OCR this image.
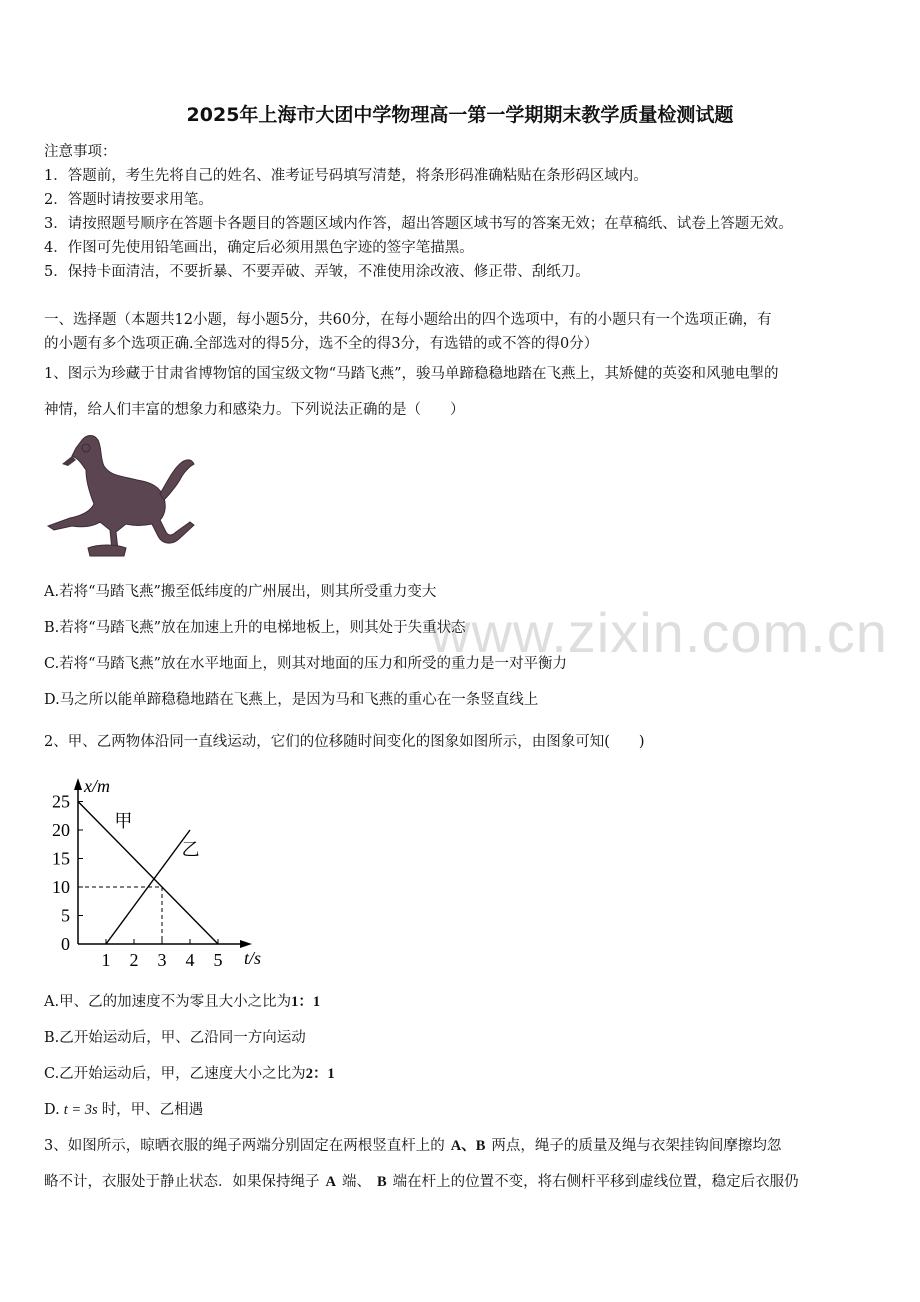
2025年上海市大团中学物理高一第一学期期末教学质量检测试题
注意事项：
1．答题前，考生先将自己的姓名、准考证号码填写清楚，将条形码准确粘贴在条形码区域内。
2．答题时请按要求用笔。
3．请按照题号顺序在答题卡各题目的答题区域内作答，超出答题区域书写的答案无效；在草稿纸、试卷上答题无效。
4．作图可先使用铅笔画出，确定后必须用黑色字迹的签字笔描黑。
5．保持卡面清洁，不要折暴、不要弄破、弄皱，不准使用涂改液、修正带、刮纸刀。
一、选择题（本题共12小题，每小题5分，共60分，在每小题给出的四个选项中，有的小题只有一个选项正确，有
的小题有多个选项正确.全部选对的得5分，选不全的得3分，有选错的或不答的得0分）
1、图示为珍藏于甘肃省博物馆的国宝级文物“马踏飞燕”，骏马单蹄稳稳地踏在飞燕上，其矫健的英姿和风驰电掣的
神情，给人们丰富的想象力和感染力。下列说法正确的是（　　）
www.zixin.com.cn
A.若将“马踏飞燕”搬至低纬度的广州展出，则其所受重力变大
B.若将“马踏飞燕”放在加速上升的电梯地板上，则其处于失重状态
C.若将“马踏飞燕”放在水平地面上，则其对地面的压力和所受的重力是一对平衡力
D.马之所以能单蹄稳稳地踏在飞燕上，是因为马和飞燕的重心在一条竖直线上
2、甲、乙两物体沿同一直线运动，它们的位移随时间变化的图象如图所示，由图象可知(　　)
0
5
10
15
20
25
1 2 3 4 5
甲
乙
x/m
t/s
A.甲、乙的加速度不为零且大小之比为1：1
B.乙开始运动后，甲、乙沿同一方向运动
C.乙开始运动后，甲，乙速度大小之比为2：1
D. t = 3s 时，甲、乙相遇
3、如图所示，晾晒衣服的绳子两端分别固定在两根竖直杆上的 A、B 两点，绳子的质量及绳与衣架挂钩间摩擦均忽
略不计，衣服处于静止状态．如果保持绳子 A 端、 B 端在杆上的位置不变，将右侧杆平移到虚线位置，稳定后衣服仍
